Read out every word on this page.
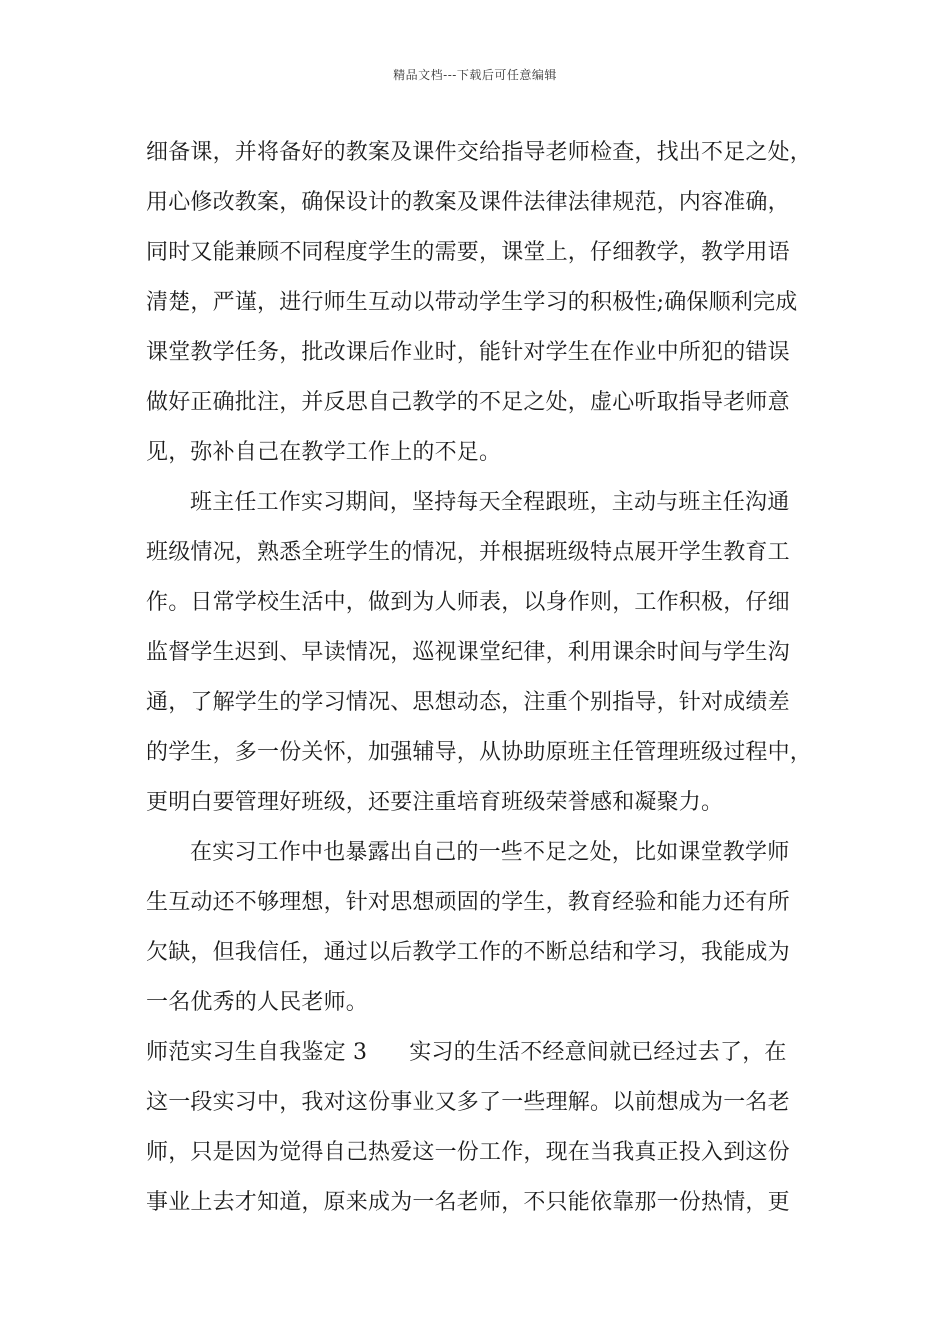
精品文档---下载后可任意编辑
细备课，并将备好的教案及课件交给指导老师检查，找出不足之处，
用心修改教案，确保设计的教案及课件法律法律规范，内容准确，
同时又能兼顾不同程度学生的需要，课堂上，仔细教学，教学用语
清楚，严谨，进行师生互动以带动学生学习的积极性;确保顺利完成
课堂教学任务，批改课后作业时，能针对学生在作业中所犯的错误
做好正确批注，并反思自己教学的不足之处，虚心听取指导老师意
见，弥补自己在教学工作上的不足。
班主任工作实习期间，坚持每天全程跟班，主动与班主任沟通
班级情况，熟悉全班学生的情况，并根据班级特点展开学生教育工
作。日常学校生活中，做到为人师表，以身作则，工作积极，仔细
监督学生迟到、早读情况，巡视课堂纪律，利用课余时间与学生沟
通，了解学生的学习情况、思想动态，注重个别指导，针对成绩差
的学生，多一份关怀，加强辅导，从协助原班主任管理班级过程中，
更明白要管理好班级，还要注重培育班级荣誉感和凝聚力。
在实习工作中也暴露出自己的一些不足之处，比如课堂教学师
生互动还不够理想，针对思想顽固的学生，教育经验和能力还有所
欠缺，但我信任，通过以后教学工作的不断总结和学习，我能成为
一名优秀的人民老师。
师范实习生自我鉴定 3 实习的生活不经意间就已经过去了，在
这一段实习中，我对这份事业又多了一些理解。以前想成为一名老
师，只是因为觉得自己热爱这一份工作，现在当我真正投入到这份
事业上去才知道，原来成为一名老师，不只能依靠那一份热情，更
